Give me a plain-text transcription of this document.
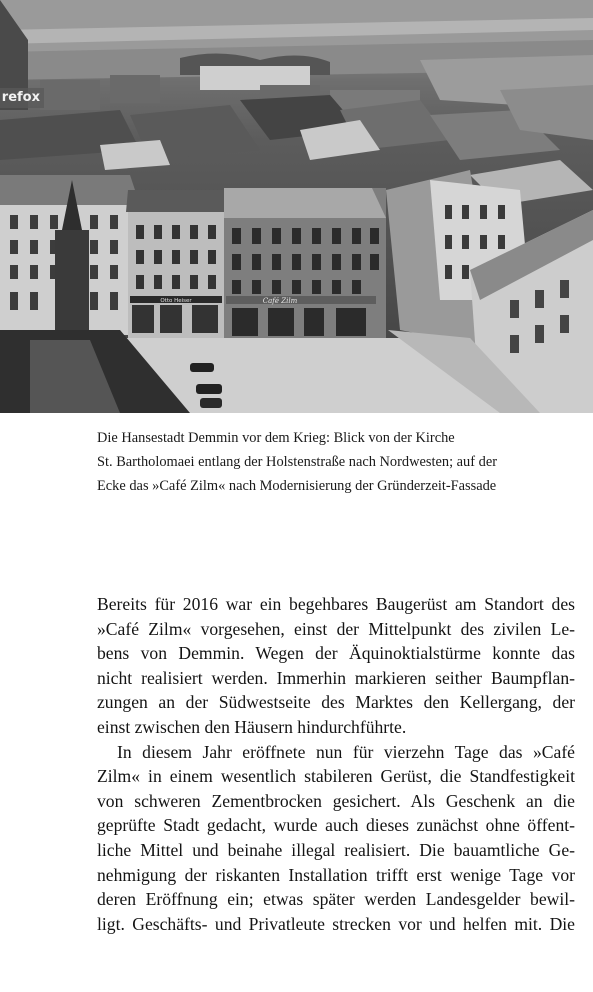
Otto Heiser	Café Zilm
refox
Die Hansestadt Demmin vor dem Krieg: Blick von der Kirche
St. Bartholomaei entlang der Holstenstraße nach Nordwesten; auf der
Ecke das »Café Zilm« nach Modernisierung der Gründerzeit-Fassade
Bereits für 2016 war ein begehbares Baugerüst am Standort des
»Café Zilm« vorgesehen, einst der Mittelpunkt des zivilen Le-
bens von Demmin. Wegen der Äquinoktialstürme konnte das
nicht realisiert werden. Immerhin markieren seither Baumpflan-
zungen an der Südwestseite des Marktes den Kellergang, der
einst zwischen den Häusern hindurchführte.
In diesem Jahr eröffnete nun für vierzehn Tage das »Café
Zilm« in einem wesentlich stabileren Gerüst, die Standfestigkeit
von schweren Zementbrocken gesichert. Als Geschenk an die
geprüfte Stadt gedacht, wurde auch dieses zunächst ohne öffent-
liche Mittel und beinahe illegal realisiert. Die bauamtliche Ge-
nehmigung der riskanten Installation trifft erst wenige Tage vor
deren Eröffnung ein; etwas später werden Landesgelder bewil-
ligt. Geschäfts- und Privatleute strecken vor und helfen mit. Die
